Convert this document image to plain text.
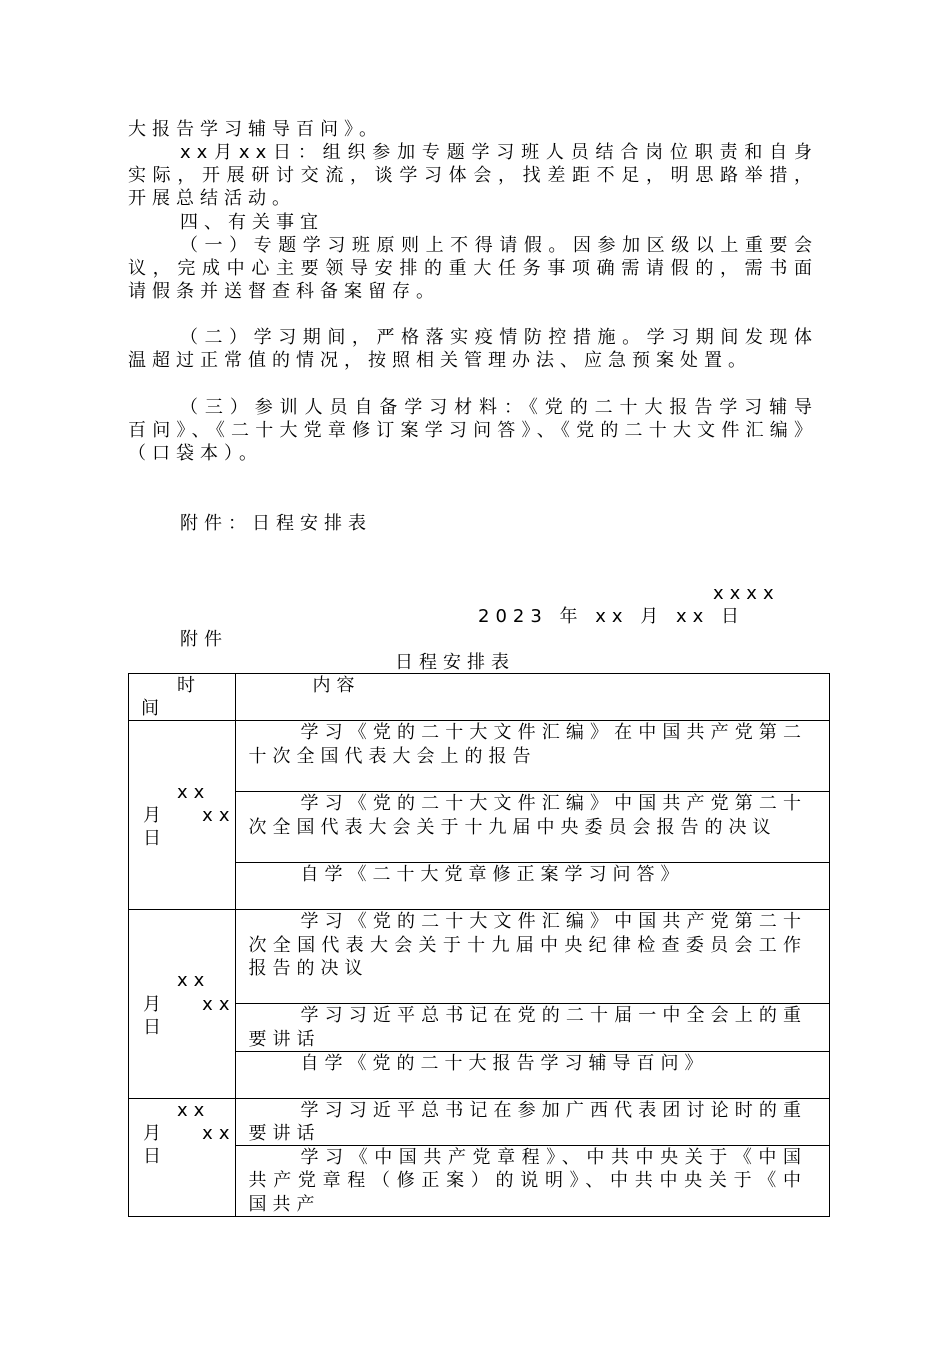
大报告学习辅导百问》。

xx月xx日：组织参加专题学习班人员结合岗位职责和自身实际，开展研讨交流，谈学习体会，找差距不足，明思路举措，开展总结活动。

四、有关事宜

（一）专题学习班原则上不得请假。因参加区级以上重要会议，完成中心主要领导安排的重大任务事项确需请假的，需书面请假条并送督查科备案留存。

（二）学习期间，严格落实疫情防控措施。学习期间发现体温超过正常值的情况，按照相关管理办法、应急预案处置。

（三）参训人员自备学习材料：《党的二十大报告学习辅导百问》、《二十大党章修订案学习问答》、《党的二十大文件汇编》（口袋本）。

附件：日程安排表
xxxx
2023 年 xx 月 xx 日
附件
日程安排表
时
间	内容

xx
月   xx
日	学习《党的二十大文件汇编》在中国共产党第二十次全国代表大会上的报告

	学习《党的二十大文件汇编》中国共产党第二十次全国代表大会关于十九届中央委员会报告的决议

	自学《二十大党章修正案学习问答》

xx
月   xx
日	学习《党的二十大文件汇编》中国共产党第二十次全国代表大会关于十九届中央纪律检查委员会工作报告的决议

	学习习近平总书记在党的二十届一中全会上的重要讲话

	自学《党的二十大报告学习辅导百问》

xx
月   xx
日	学习习近平总书记在参加广西代表团讨论时的重要讲话

	学习《中国共产党章程》、中共中央关于《中国共产党章程（修正案）的说明》、中共中央关于《中国共产
